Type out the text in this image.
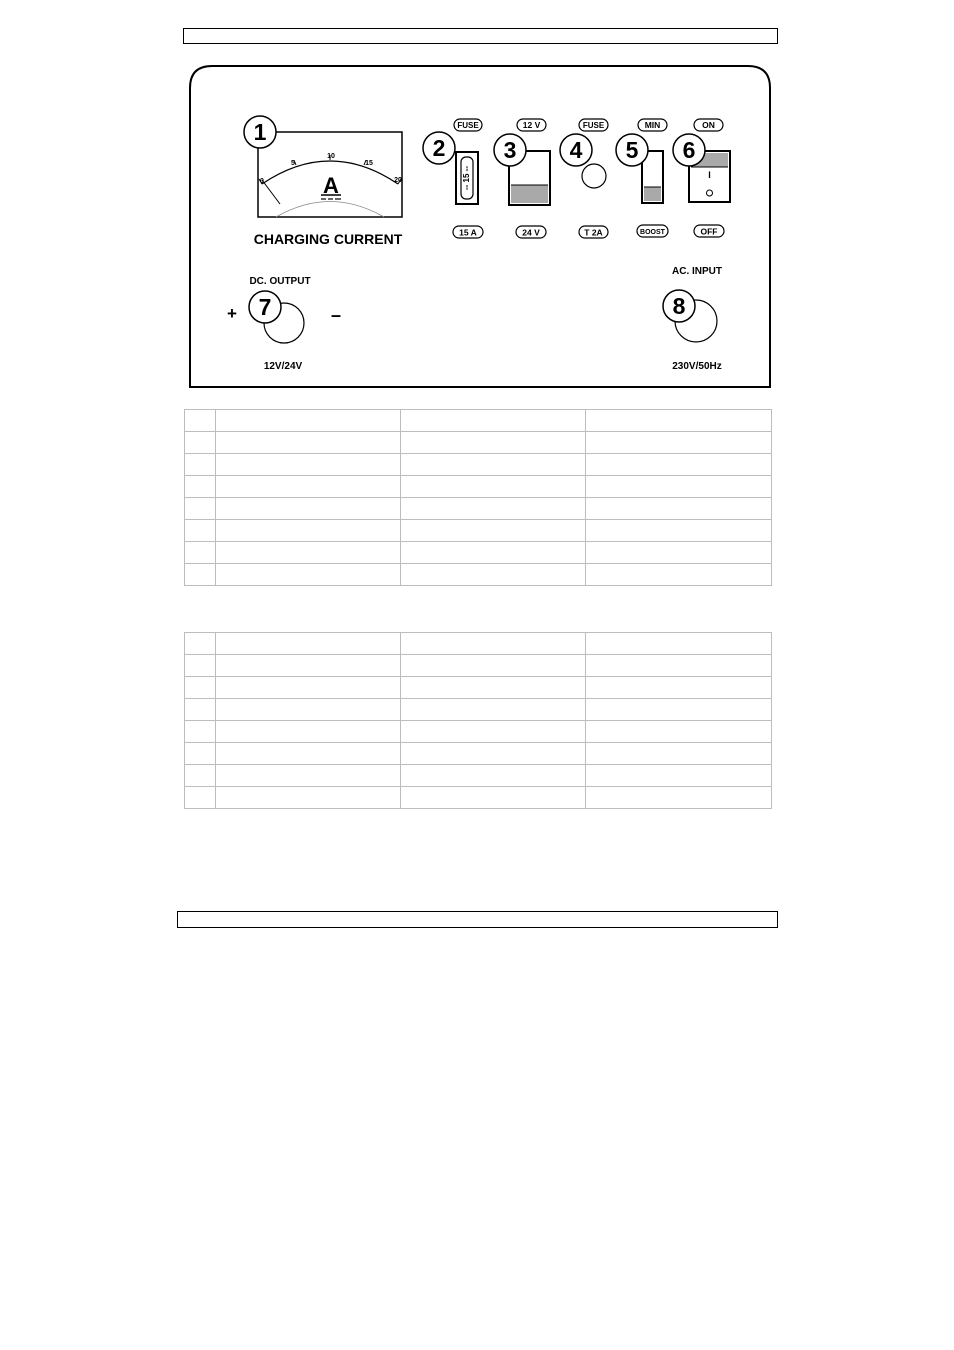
0
5
10
15
20
A
CHARGING CURRENT
FUSE
-- 15 --
15 A
12 V
24 V
FUSE
T 2A
MIN
BOOST
ON
I
OFF
DC. OUTPUT
+	–
12V/24V
AC. INPUT
230V/50Hz
1
2	3 4 5 6
7	8
